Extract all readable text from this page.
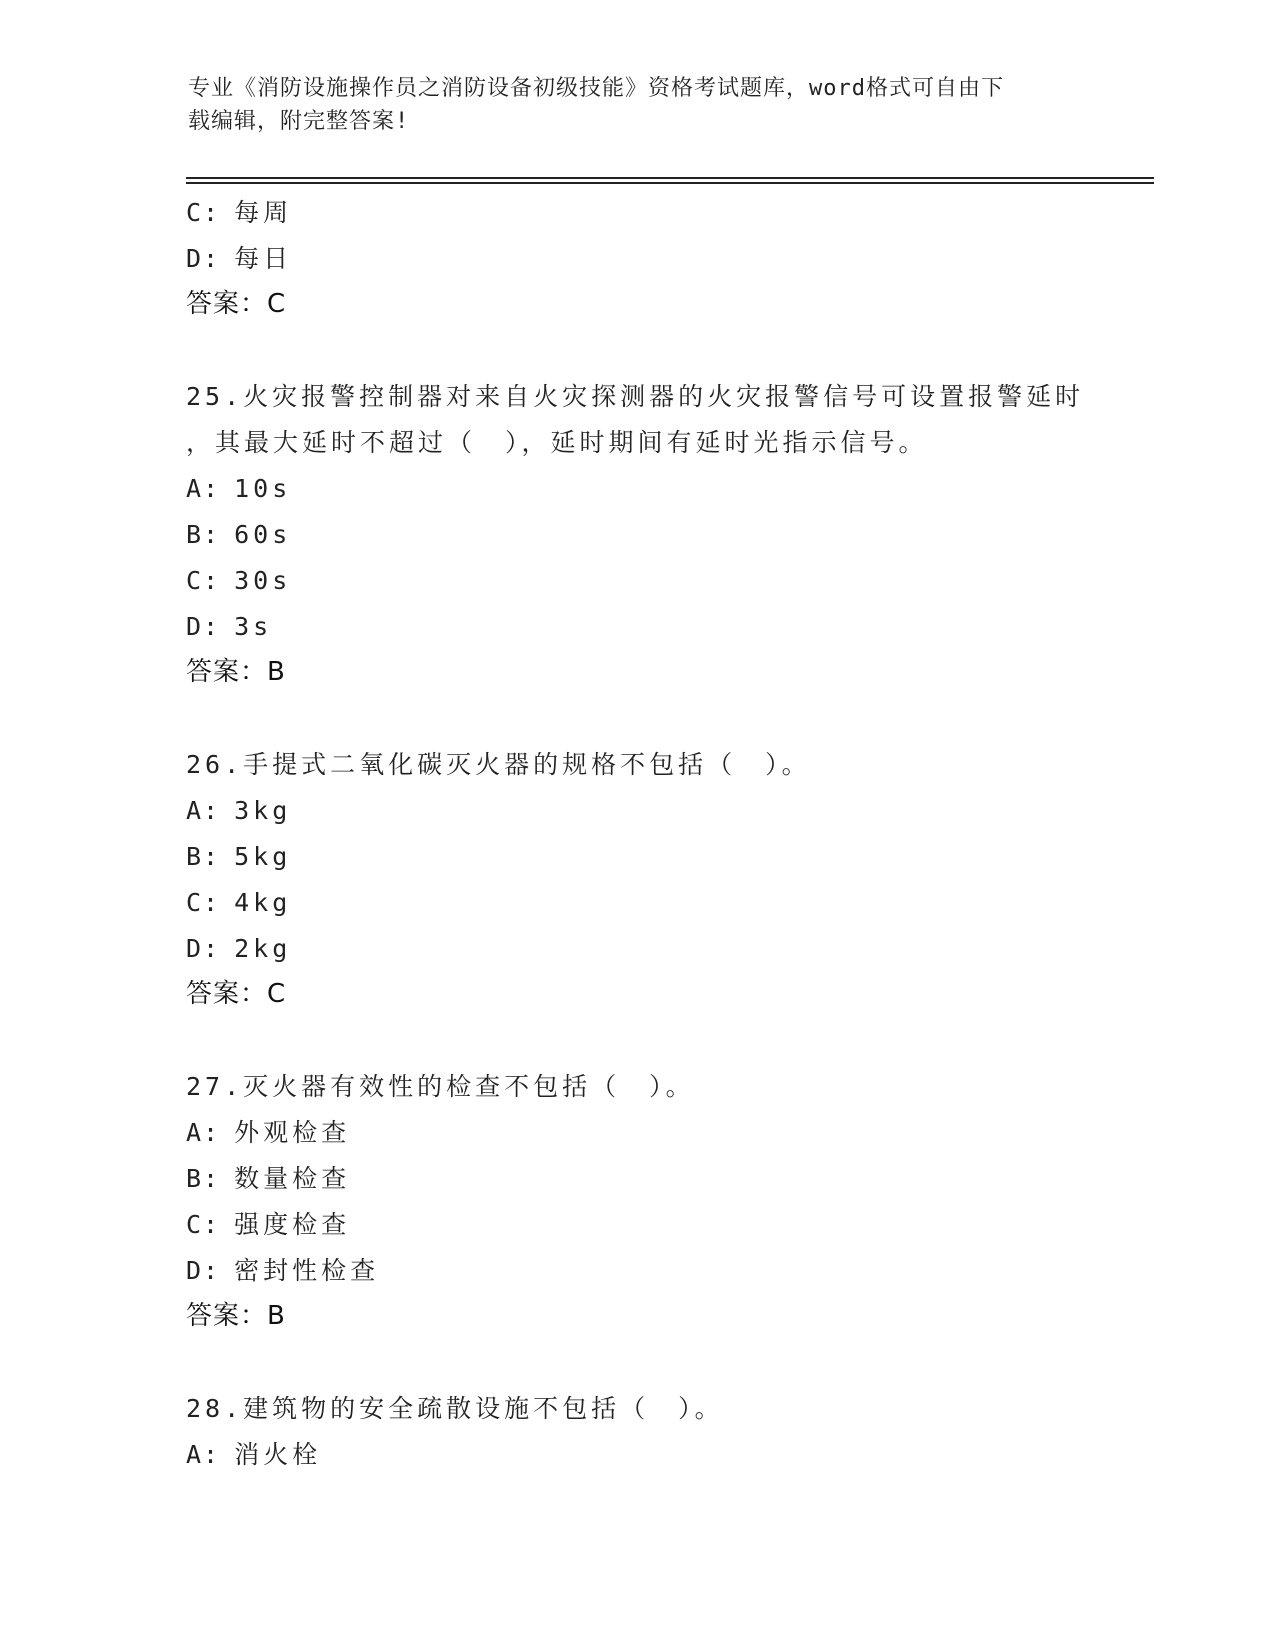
专业《消防设施操作员之消防设备初级技能》资格考试题库，word格式可自由下
载编辑，附完整答案!
C: 每周
D: 每日
答案：C
25.火灾报警控制器对来自火灾探测器的火灾报警信号可设置报警延时
，其最大延时不超过（　），延时期间有延时光指示信号。
A: 10s
B: 60s
C: 30s
D: 3s
答案：B
26.手提式二氧化碳灭火器的规格不包括（　）。
A: 3kg
B: 5kg
C: 4kg
D: 2kg
答案：C
27.灭火器有效性的检查不包括（　）。
A: 外观检查
B: 数量检查
C: 强度检查
D: 密封性检查
答案：B
28.建筑物的安全疏散设施不包括（　）。
A: 消火栓
